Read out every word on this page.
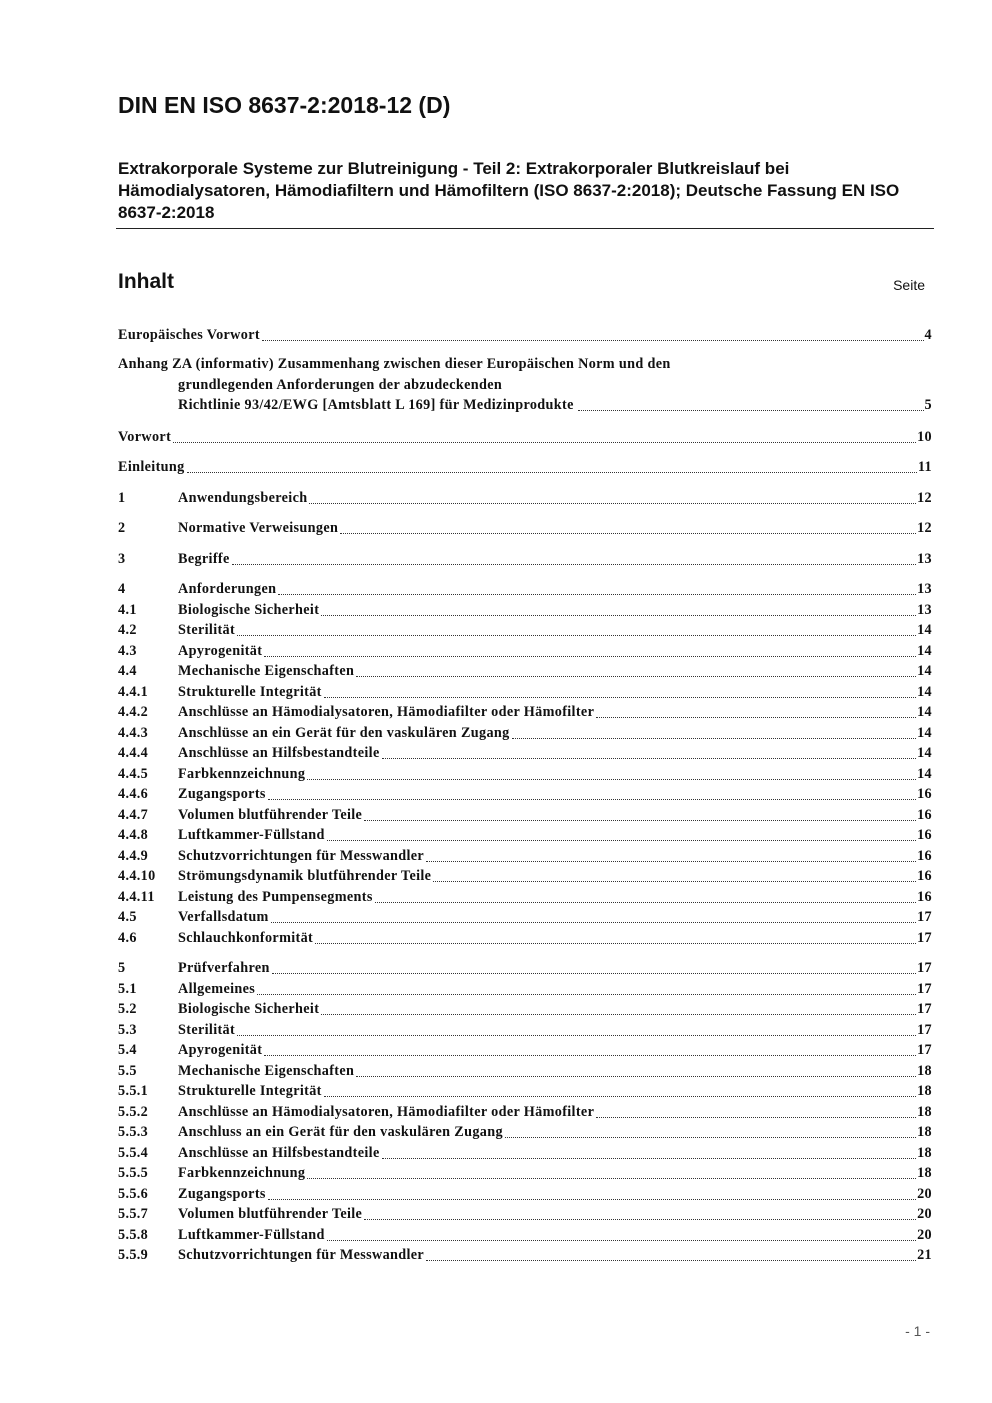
DIN EN ISO 8637-2:2018-12 (D)

Extrakorporale Systeme zur Blutreinigung - Teil 2: Extrakorporaler Blutkreislauf bei Hämodialysatoren, Hämodiafiltern und Hämofiltern (ISO 8637-2:2018); Deutsche Fassung EN ISO 8637-2:2018

Inhalt	Seite
Europäisches Vorwort	4
Anhang ZA (informativ) Zusammenhang zwischen dieser Europäischen Norm und den
grundlegenden Anforderungen der abzudeckenden
Richtlinie 93/42/EWG [Amtsblatt L 169] für Medizinprodukte	5
Vorwort	10
Einleitung	11
1	Anwendungsbereich	12
2	Normative Verweisungen	12
3	Begriffe	13
4	Anforderungen	13
4.1	Biologische Sicherheit	13
4.2	Sterilität	14
4.3	Apyrogenität	14
4.4	Mechanische Eigenschaften	14
4.4.1	Strukturelle Integrität	14
4.4.2	Anschlüsse an Hämodialysatoren, Hämodiafilter oder Hämofilter	14
4.4.3	Anschlüsse an ein Gerät für den vaskulären Zugang	14
4.4.4	Anschlüsse an Hilfsbestandteile	14
4.4.5	Farbkennzeichnung	14
4.4.6	Zugangsports	16
4.4.7	Volumen blutführender Teile	16
4.4.8	Luftkammer-Füllstand	16
4.4.9	Schutzvorrichtungen für Messwandler	16
4.4.10	Strömungsdynamik blutführender Teile	16
4.4.11	Leistung des Pumpensegments	16
4.5	Verfallsdatum	17
4.6	Schlauchkonformität	17
5	Prüfverfahren	17
5.1	Allgemeines	17
5.2	Biologische Sicherheit	17
5.3	Sterilität	17
5.4	Apyrogenität	17
5.5	Mechanische Eigenschaften	18
5.5.1	Strukturelle Integrität	18
5.5.2	Anschlüsse an Hämodialysatoren, Hämodiafilter oder Hämofilter	18
5.5.3	Anschluss an ein Gerät für den vaskulären Zugang	18
5.5.4	Anschlüsse an Hilfsbestandteile	18
5.5.5	Farbkennzeichnung	18
5.5.6	Zugangsports	20
5.5.7	Volumen blutführender Teile	20
5.5.8	Luftkammer-Füllstand	20
5.5.9	Schutzvorrichtungen für Messwandler	21
- 1 -
